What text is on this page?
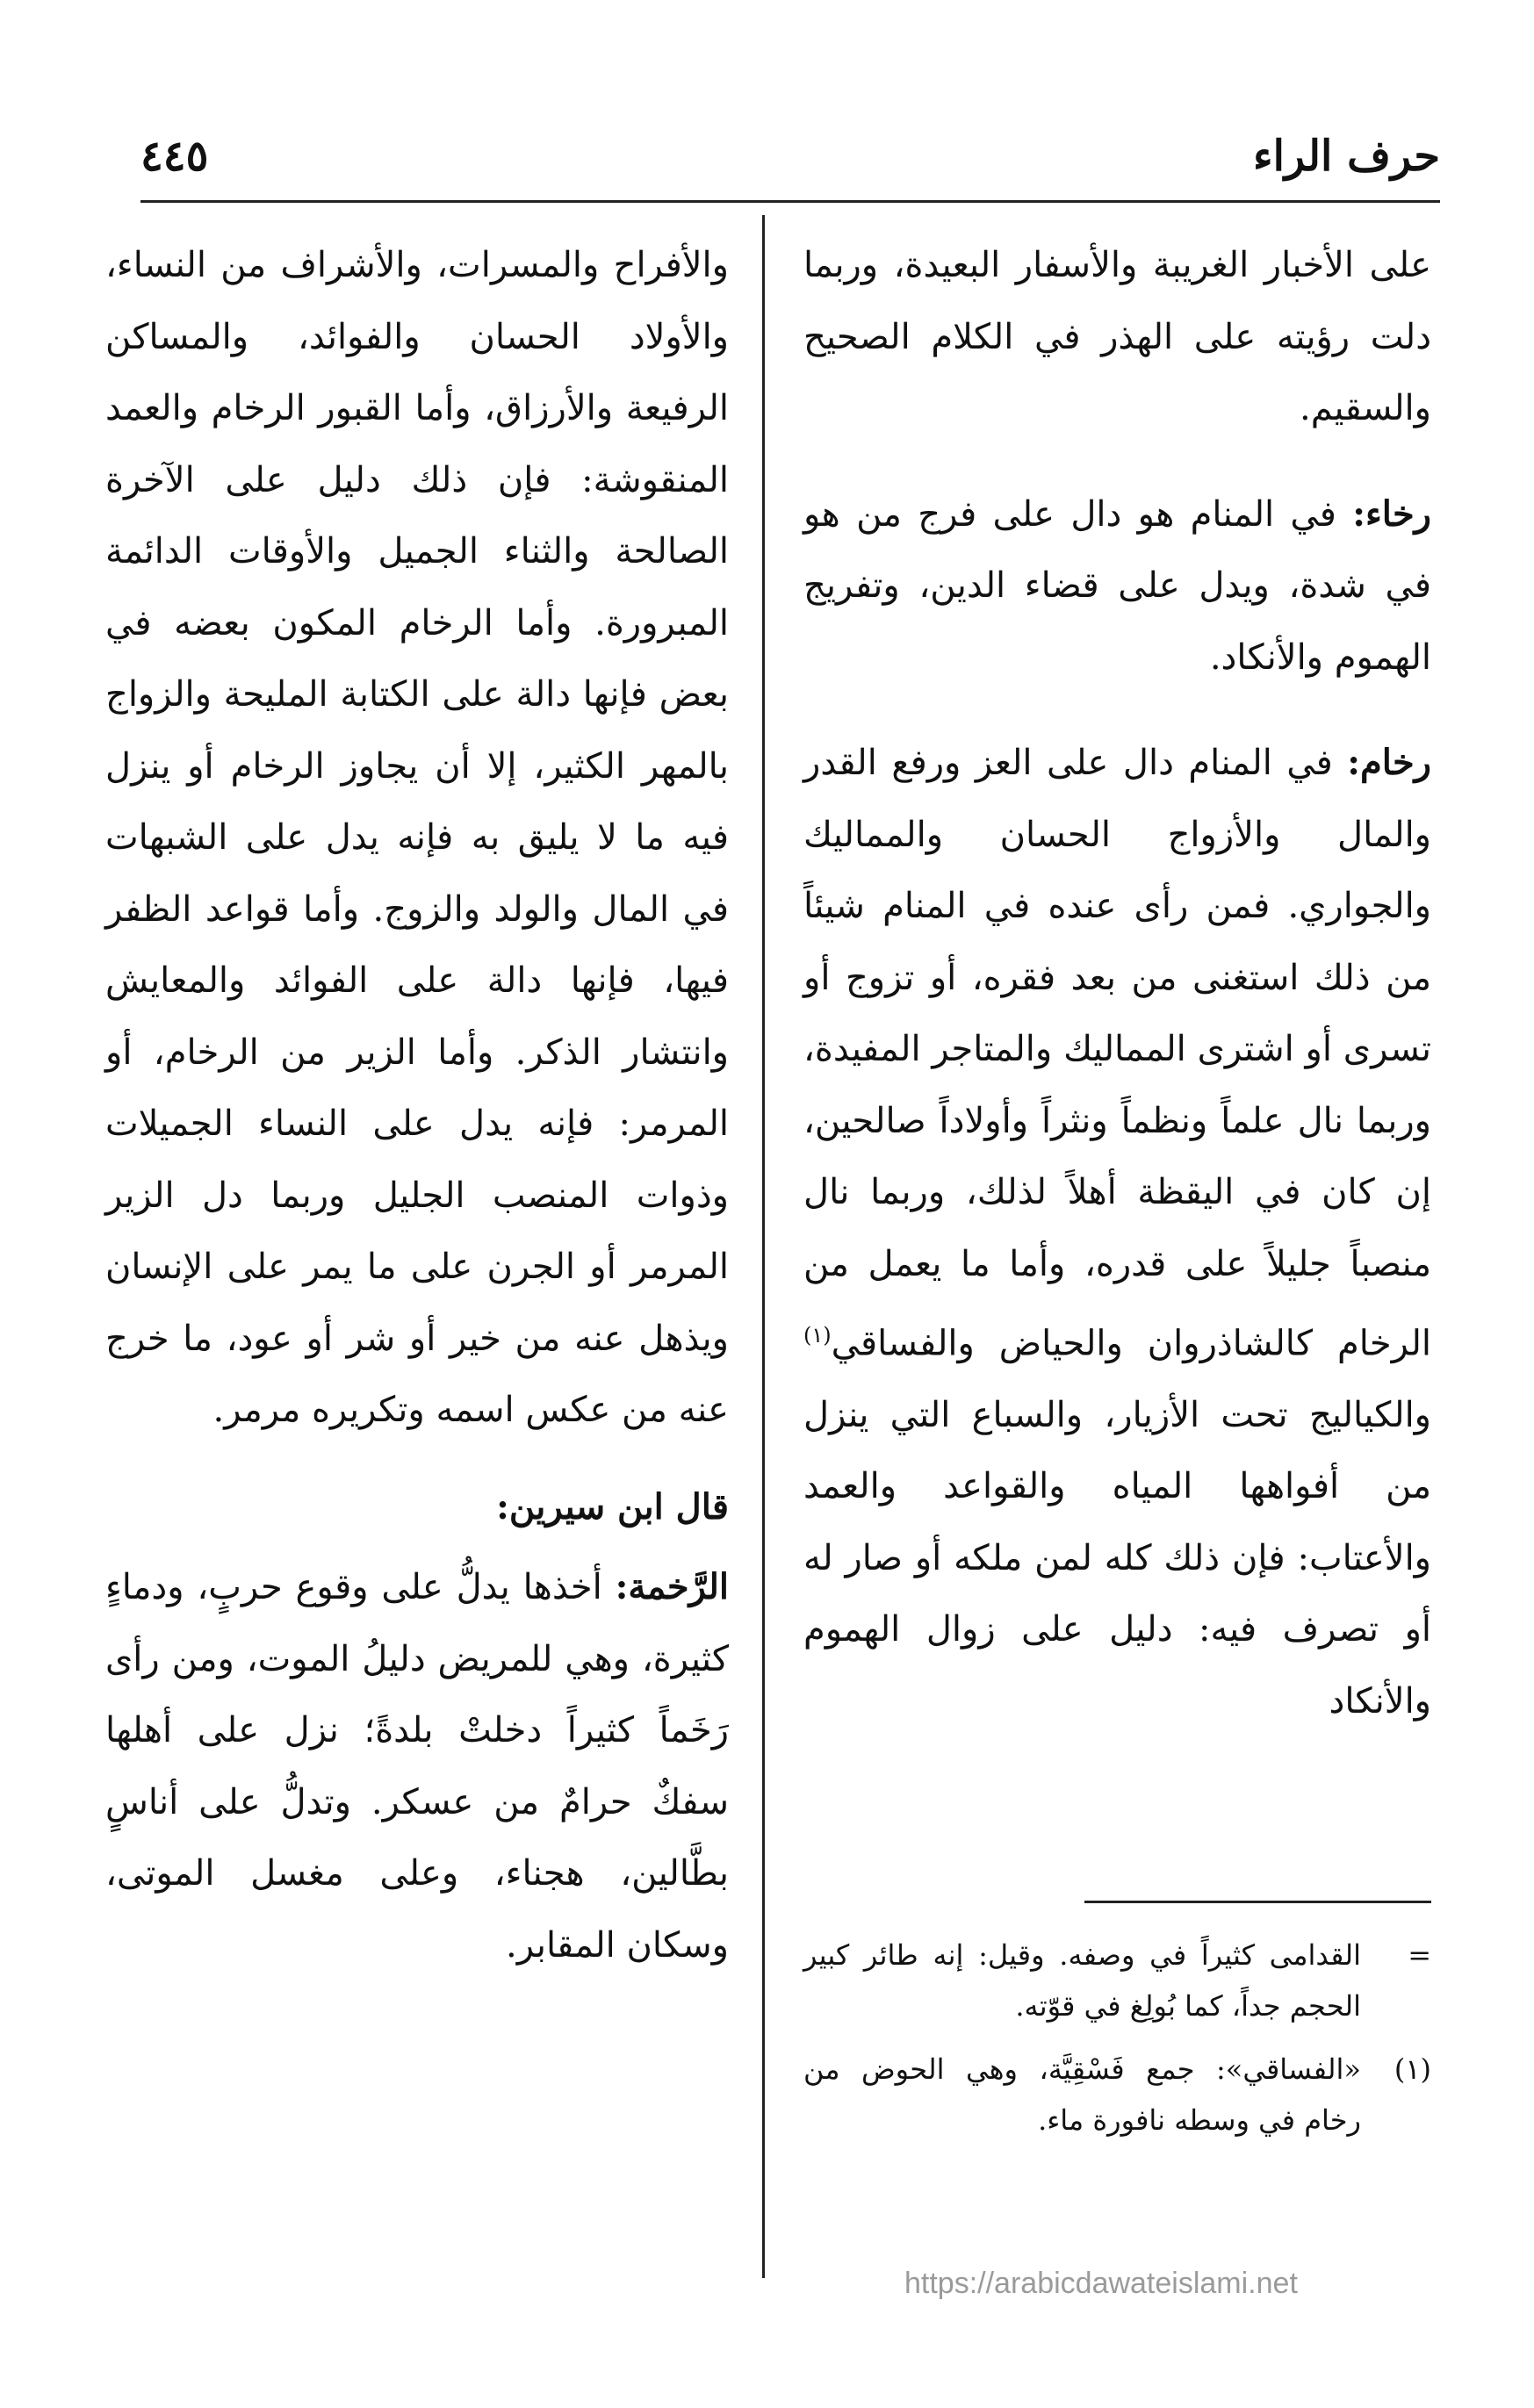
حرف الراء
٤٤٥

على الأخبار الغريبة والأسفار البعيدة، وربما دلت رؤيته على الهذر في الكلام الصحيح والسقيم.

رخاء: في المنام هو دال على فرج من هو في شدة، ويدل على قضاء الدين، وتفريج الهموم والأنكاد.

رخام: في المنام دال على العز ورفع القدر والمال والأزواج الحسان والمماليك والجواري. فمن رأى عنده في المنام شيئاً من ذلك استغنى من بعد فقره، أو تزوج أو تسرى أو اشترى المماليك والمتاجر المفيدة، وربما نال علماً ونظماً ونثراً وأولاداً صالحين، إن كان في اليقظة أهلاً لذلك، وربما نال منصباً جليلاً على قدره، وأما ما يعمل من الرخام كالشاذروان والحياض والفساقي$^{(١)}$ والكياليج تحت الأزيار، والسباع التي ينزل من أفواهها المياه والقواعد والعمد والأعتاب: فإن ذلك كله لمن ملكه أو صار له أو تصرف فيه: دليل على زوال الهموم والأنكاد

والأفراح والمسرات، والأشراف من النساء، والأولاد الحسان والفوائد، والمساكن الرفيعة والأرزاق، وأما القبور الرخام والعمد المنقوشة: فإن ذلك دليل على الآخرة الصالحة والثناء الجميل والأوقات الدائمة المبرورة. وأما الرخام المكون بعضه في بعض فإنها دالة على الكتابة المليحة والزواج بالمهر الكثير، إلا أن يجاوز الرخام أو ينزل فيه ما لا يليق به فإنه يدل على الشبهات في المال والولد والزوج. وأما قواعد الظفر فيها، فإنها دالة على الفوائد والمعايش وانتشار الذكر. وأما الزير من الرخام، أو المرمر: فإنه يدل على النساء الجميلات وذوات المنصب الجليل وربما دل الزير المرمر أو الجرن على ما يمر على الإنسان ويذهل عنه من خير أو شر أو عود، ما خرج عنه من عكس اسمه وتكريره مرمر.

قال ابن سيرين:

الرَّخمة: أخذها يدلُّ على وقوع حربٍ، ودماءٍ كثيرة، وهي للمريض دليلُ الموت، ومن رأى رَخَماً كثيراً دخلتْ بلدةً؛ نزل على أهلها سفكٌ حرامٌ من عسكر. وتدلُّ على أناسٍ بطَّالين، هجناء، وعلى مغسل الموتى، وسكان المقابر.	=
القدامى كثيراً في وصفه. وقيل: إنه طائر كبير الحجم جداً، كما بُولِغ في قوّته.
(١)
«الفساقي»: جمع فَسْقِيَّة، وهي الحوض من رخام في وسطه نافورة ماء.
https://arabicdawateislami.net
